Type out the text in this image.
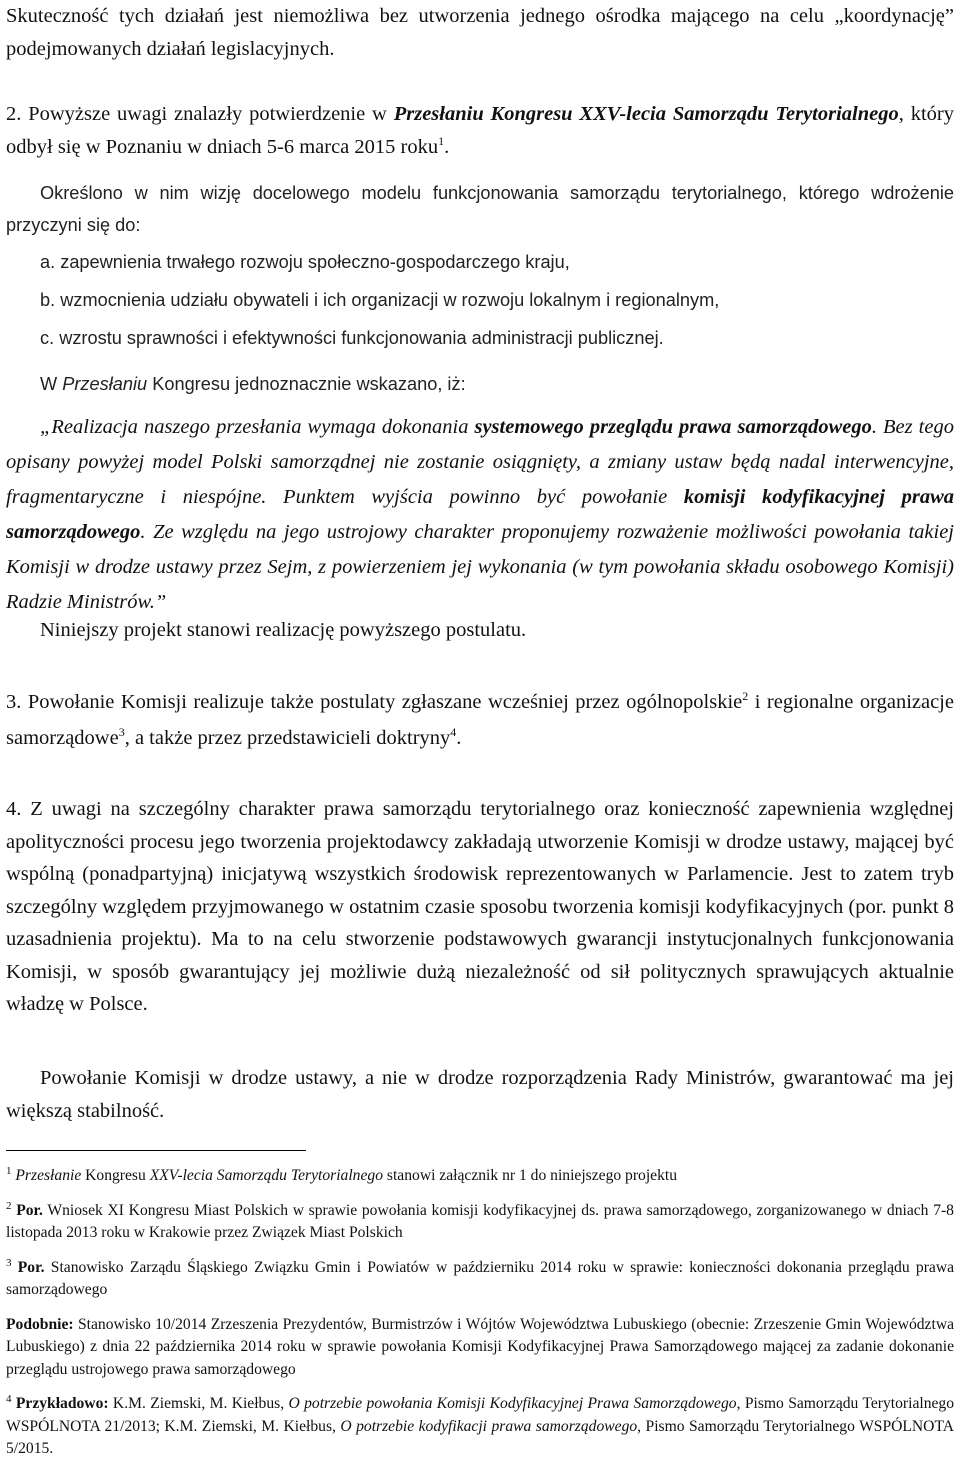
Skuteczność tych działań jest niemożliwa bez utworzenia jednego ośrodka mającego na celu „koordynację” podejmowanych działań legislacyjnych.

2. Powyższe uwagi znalazły potwierdzenie w Przesłaniu Kongresu XXV-lecia Samorządu Terytorialnego, który odbył się w Poznaniu w dniach 5-6 marca 2015 roku$^1$.

Określono w nim wizję docelowego modelu funkcjonowania samorządu terytorialnego, którego wdrożenie przyczyni się do:

a. zapewnienia trwałego rozwoju społeczno-gospodarczego kraju,

b. wzmocnienia udziału obywateli i ich organizacji w rozwoju lokalnym i regionalnym,

c. wzrostu sprawności i efektywności funkcjonowania administracji publicznej.

W Przesłaniu Kongresu jednoznacznie wskazano, iż:

„Realizacja naszego przesłania wymaga dokonania systemowego przeglądu prawa samorządowego. Bez tego opisany powyżej model Polski samorządnej nie zostanie osiągnięty, a zmiany ustaw będą nadal interwencyjne, fragmentaryczne i niespójne. Punktem wyjścia powinno być powołanie komisji kodyfikacyjnej prawa samorządowego. Ze względu na jego ustrojowy charakter proponujemy rozważenie możliwości powołania takiej Komisji w drodze ustawy przez Sejm, z powierzeniem jej wykonania (w tym powołania składu osobowego Komisji) Radzie Ministrów.”

Niniejszy projekt stanowi realizację powyższego postulatu.

3. Powołanie Komisji realizuje także postulaty zgłaszane wcześniej przez ogólnopolskie$^2$ i regionalne organizacje samorządowe$^3$, a także przez przedstawicieli doktryny$^4$.

4. Z uwagi na szczególny charakter prawa samorządu terytorialnego oraz konieczność zapewnienia względnej apolityczności procesu jego tworzenia projektodawcy zakładają utworzenie Komisji w drodze ustawy, mającej być wspólną (ponadpartyjną) inicjatywą wszystkich środowisk reprezentowanych w Parlamencie. Jest to zatem tryb szczególny względem przyjmowanego w ostatnim czasie sposobu tworzenia komisji kodyfikacyjnych (por. punkt 8 uzasadnienia projektu). Ma to na celu stworzenie podstawowych gwarancji instytucjonalnych funkcjonowania Komisji, w sposób gwarantujący jej możliwie dużą niezależność od sił politycznych sprawujących aktualnie władzę w Polsce.

Powołanie Komisji w drodze ustawy, a nie w drodze rozporządzenia Rady Ministrów, gwarantować ma jej większą stabilność.

$^1$ Przesłanie Kongresu XXV-lecia Samorządu Terytorialnego stanowi załącznik nr 1 do niniejszego projektu

$^2$ Por. Wniosek XI Kongresu Miast Polskich w sprawie powołania komisji kodyfikacyjnej ds. prawa samorządowego, zorganizowanego w dniach 7-8 listopada 2013 roku w Krakowie przez Związek Miast Polskich

$^3$ Por. Stanowisko Zarządu Śląskiego Związku Gmin i Powiatów w październiku 2014 roku w sprawie: konieczności dokonania przeglądu prawa samorządowego

Podobnie: Stanowisko 10/2014 Zrzeszenia Prezydentów, Burmistrzów i Wójtów Województwa Lubuskiego (obecnie: Zrzeszenie Gmin Województwa Lubuskiego) z dnia 22 października 2014 roku w sprawie powołania Komisji Kodyfikacyjnej Prawa Samorządowego mającej za zadanie dokonanie przeglądu ustrojowego prawa samorządowego

$^4$ Przykładowo: K.M. Ziemski, M. Kiełbus, O potrzebie powołania Komisji Kodyfikacyjnej Prawa Samorządowego, Pismo Samorządu Terytorialnego WSPÓLNOTA 21/2013; K.M. Ziemski, M. Kiełbus, O potrzebie kodyfikacji prawa samorządowego, Pismo Samorządu Terytorialnego WSPÓLNOTA 5/2015.
